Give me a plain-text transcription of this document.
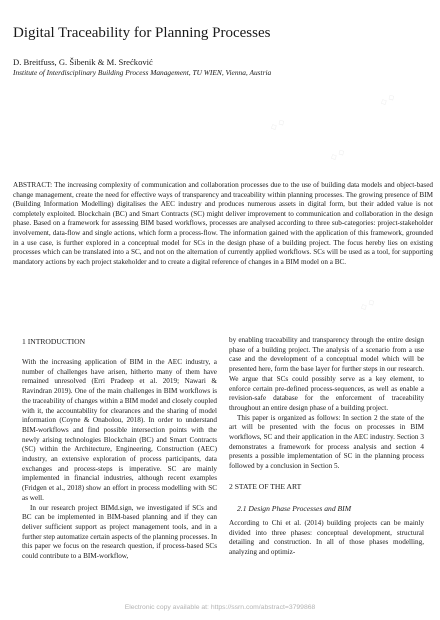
Digital Traceability for Planning Processes
D. Breitfuss, G. Šibenik & M. Srećković
Institute of Interdisciplinary Building Process Management, TU WIEN, Vienna, Austria

ABSTRACT: The increasing complexity of communication and collaboration processes due to the use of building data models and object-based change management, create the need for effective ways of transparency and traceability within planning processes. The growing presence of BIM (Building Information Modelling) digitalises the AEC industry and produces numerous assets in digital form, but their added value is not completely exploited. Blockchain (BC) and Smart Contracts (SC) might deliver improvement to communication and collaboration in the design phase. Based on a framework for assessing BIM based workflows, processes are analysed according to three sub-categories: project-stakeholder involvement, data-flow and single actions, which form a process-flow. The information gained with the application of this framework, grounded in a use case, is further explored in a conceptual model for SCs in the design phase of a building project. The focus hereby lies on existing processes which can be translated into a SC, and not on the alternation of currently applied workflows. SCs will be used as a tool, for supporting mandatory actions by each project stakeholder and to create a digital reference of changes in a BIM model on a BC.

1 INTRODUCTION

With the increasing application of BIM in the AEC industry, a number of challenges have arisen, hitherto many of them have remained unresolved (Erri Pradeep et al. 2019; Nawari & Ravindran 2019). One of the main challenges in BIM workflows is the traceability of changes within a BIM model and closely coupled with it, the accountability for clearances and the sharing of model information (Coyne & Onabolou, 2018). In order to understand BIM-workflows and find possible intersection points with the newly arising technologies Blockchain (BC) and Smart Contracts (SC) within the Architecture, Engineering, Construction (AEC) industry, an extensive exploration of process participants, data exchanges and process-steps is imperative. SC are mainly implemented in financial industries, although recent examples (Fridgen et al., 2018) show an effort in process modelling with SC as well.

In our research project BIMd.sign, we investigated if SCs and BC can be implemented in BIM-based planning and if they can deliver sufficient support as project management tools, and in a further step automatize certain aspects of the planning processes. In this paper we focus on the research question, if process-based SCs could contribute to a BIM-workflow,

by enabling traceability and transparency through the entire design phase of a building project. The analysis of a scenario from a use case and the development of a conceptual model which will be presented here, form the base layer for further steps in our research. We argue that SCs could possibly serve as a key element, to enforce certain pre-defined process-sequences, as well as enable a revision-safe database for the enforcement of traceability throughout an entire design phase of a building project.

This paper is organized as follows: In section 2 the state of the art will be presented with the focus on processes in BIM workflows, SC and their application in the AEC industry. Section 3 demonstrates a framework for process analysis and section 4 presents a possible implementation of SC in the planning process followed by a conclusion in Section 5.

2 STATE OF THE ART
2.1 Design Phase Processes and BIM

According to Chi et al. (2014) building projects can be mainly divided into three phases: conceptual development, structural detailing and construction. In all of those phases modelling, analyzing and optimiz-

Electronic copy available at: https://ssrn.com/abstract=3799868
◇ ◇
◇ ◇
◇ ◇
◇ ◇
